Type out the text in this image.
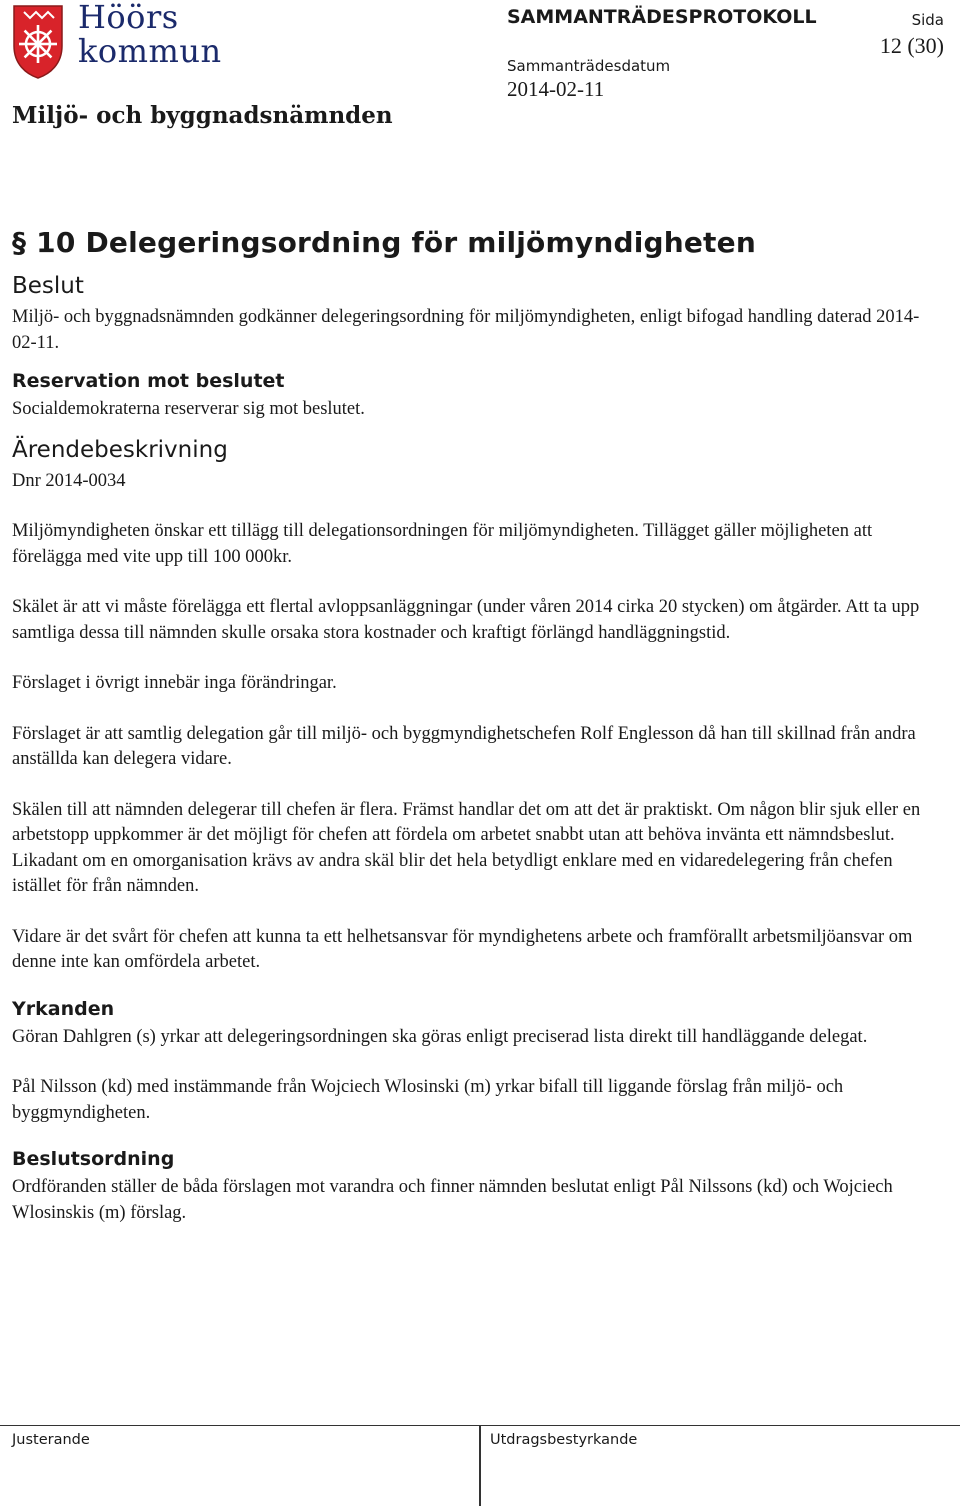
Höörs
kommun
Miljö- och byggnadsnämnden
SAMMANTRÄDESPROTOKOLL
Sammanträdesdatum
2014-02-11
Sida
12 (30)
§ 10 Delegeringsordning för miljömyndigheten
Beslut

Miljö- och byggnadsnämnden godkänner delegeringsordning för miljömyndigheten, enligt bifogad handling daterad 2014-02-11.

Reservation mot beslutet

Socialdemokraterna reserverar sig mot beslutet.

Ärendebeskrivning

Dnr 2014-0034

Miljömyndigheten önskar ett tillägg till delegationsordningen för miljömyndigheten. Tillägget gäller möjligheten att förelägga med vite upp till 100 000kr.

Skälet är att vi måste förelägga ett flertal avloppsanläggningar (under våren 2014 cirka 20 stycken) om åtgärder. Att ta upp samtliga dessa till nämnden skulle orsaka stora kostnader och kraftigt förlängd handläggningstid.

Förslaget i övrigt innebär inga förändringar.

Förslaget är att samtlig delegation går till miljö- och byggmyndighetschefen Rolf Englesson då han till skillnad från andra anställda kan delegera vidare.

Skälen till att nämnden delegerar till chefen är flera. Främst handlar det om att det är praktiskt. Om någon blir sjuk eller en arbetstopp uppkommer är det möjligt för chefen att fördela om arbetet snabbt utan att behöva invänta ett nämndsbeslut. Likadant om en omorganisation krävs av andra skäl blir det hela betydligt enklare med en vidaredelegering från chefen istället för från nämnden.

Vidare är det svårt för chefen att kunna ta ett helhetsansvar för myndighetens arbete och framförallt arbetsmiljöansvar om denne inte kan omfördela arbetet.

Yrkanden

Göran Dahlgren (s) yrkar att delegeringsordningen ska göras enligt preciserad lista direkt till handläggande delegat.

Pål Nilsson (kd) med instämmande från Wojciech Wlosinski (m) yrkar bifall till liggande förslag från miljö- och byggmyndigheten.

Beslutsordning

Ordföranden ställer de båda förslagen mot varandra och finner nämnden beslutat enligt Pål Nilssons (kd) och Wojciech Wlosinskis (m) förslag.

Justerande	Utdragsbestyrkande
